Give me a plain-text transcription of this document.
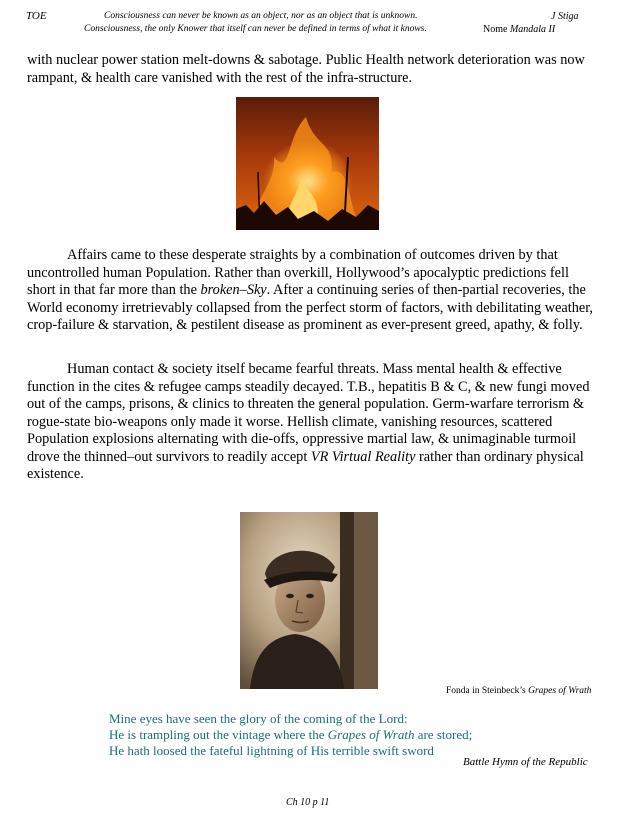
TOE	Consciousness can never be known as an object, nor as an object that is unknown.
Consciousness, the only Knower that itself can never be defined in terms of what it knows.
J Stiga
Nome Mandala II
with nuclear power station melt-downs & sabotage. Public Health network deterioration was now rampant, & health care vanished with the rest of the infra-structure.
Affairs came to these desperate straights by a combination of outcomes driven by that uncontrolled human Population. Rather than overkill, Hollywood’s apocalyptic predictions fell short in that far more than the broken–Sky. After a continuing series of then-partial recoveries, the World economy irretrievably collapsed from the perfect storm of factors, with debilitating weather, crop-failure & starvation, & pestilent disease as prominent as ever-present greed, apathy, & folly.
Human contact & society itself became fearful threats. Mass mental health & effective function in the cites & refugee camps steadily decayed. T.B., hepatitis B & C, & new fungi moved out of the camps, prisons, & clinics to threaten the general population. Germ-warfare terrorism & rogue-state bio-weapons only made it worse. Hellish climate, vanishing resources, scattered Population explosions alternating with die-offs, oppressive martial law, & unimaginable turmoil drove the thinned–out survivors to readily accept VR Virtual Reality rather than ordinary physical existence.
Fonda in Steinbeck’s Grapes of Wrath
Mine eyes have seen the glory of the coming of the Lord:
He is trampling out the vintage where the Grapes of Wrath are stored;
He hath loosed the fateful lightning of His terrible swift sword
Battle Hymn of the Republic
Ch 10 p 11
